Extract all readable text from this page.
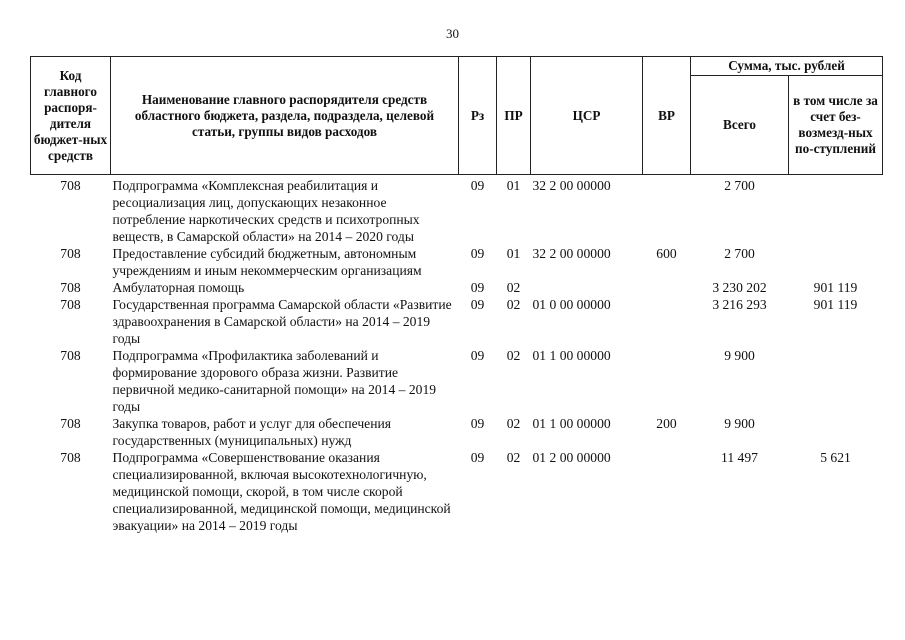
30
Код главного распоря-дителя бюджет-ных средств	Наименование главного распорядителя средств областного бюджета, раздела, подраздела, целевой статьи, группы видов расходов	Рз	ПР	ЦСР	ВР	Сумма, тыс. рублей	
						Всего	в том числе за счет без-возмезд-ных по-ступлений

708	Подпрограмма «Комплексная реабилитация и ресоциализация лиц, допускающих незаконное потребление наркотических средств и психотропных веществ, в Самарской области» на 2014 – 2020 годы	09	01	32 2 00 00000		2 700	
708	Предоставление субсидий бюджетным, автономным учреждениям и иным некоммерческим организациям	09	01	32 2 00 00000	600	2 700	
708	Амбулаторная помощь	09	02			3 230 202	901 119
708	Государственная программа Самарской области «Развитие здравоохранения в Самарской области» на 2014 – 2019 годы	09	02	01 0 00 00000		3 216 293	901 119
708	Подпрограмма «Профилактика заболеваний и формирование здорового образа жизни. Развитие первичной медико-санитарной помощи» на 2014 – 2019 годы	09	02	01 1 00 00000		9 900	
708	Закупка товаров, работ и услуг для обеспечения государственных (муниципальных) нужд	09	02	01 1 00 00000	200	9 900	
708	Подпрограмма «Совершенствование оказания специализированной, включая высокотехнологичную, медицинской помощи, скорой, в том числе скорой специализированной, медицинской помощи, медицинской эвакуации» на 2014 – 2019 годы	09	02	01 2 00 00000		11 497	5 621
